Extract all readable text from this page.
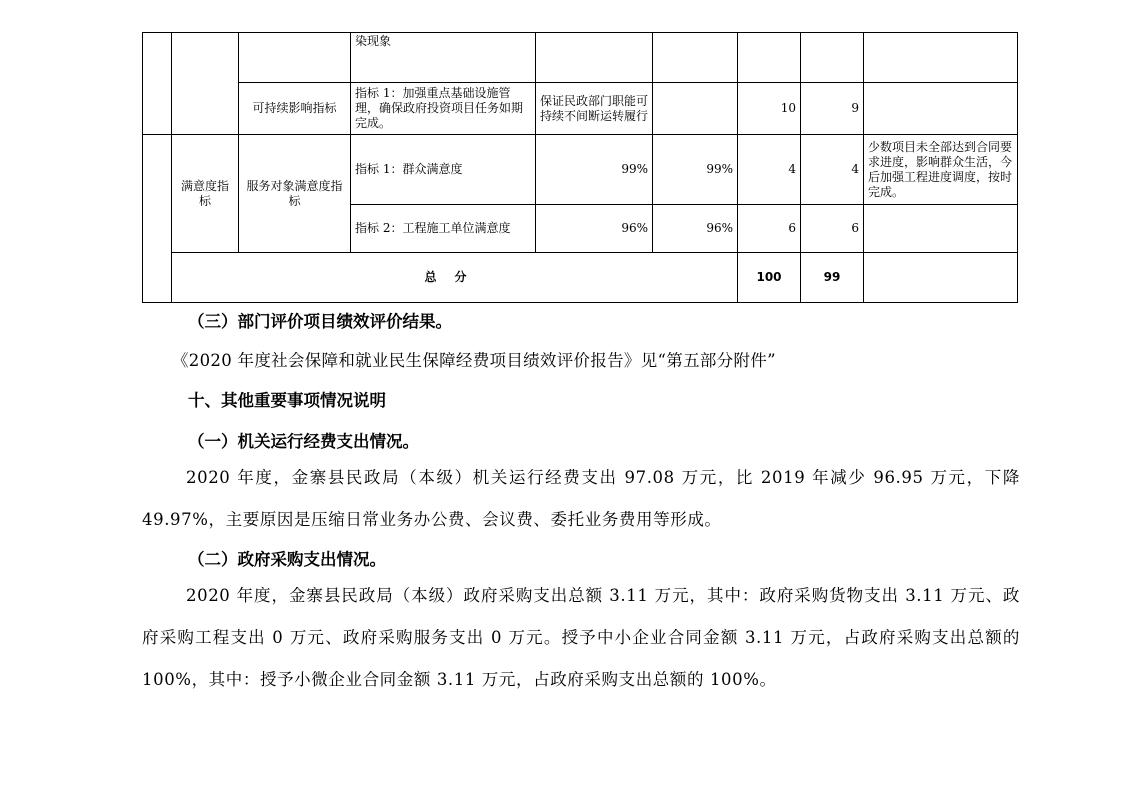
			染现象					
		可持续影响指标	指标 1：加强重点基础设施管理，确保政府投资项目任务如期完成。	保证民政部门职能可持续不间断运转履行		10	9	
	满意度指标	服务对象满意度指标	指标 1：群众满意度	99%	99%	4	4	少数项目未全部达到合同要求进度，影响群众生活，今后加强工程进度调度，按时完成。
			指标 2：工程施工单位满意度	96%	96%	6	6	
	总分					100	99	
（三）部门评价项目绩效评价结果。
《2020 年度社会保障和就业民生保障经费项目绩效评价报告》见“第五部分附件”
十、其他重要事项情况说明
（一）机关运行经费支出情况。
2020 年度，金寨县民政局（本级）机关运行经费支出 97.08 万元，比 2019 年减少 96.95 万元，下降 49.97%，主要原因是压缩日常业务办公费、会议费、委托业务费用等形成。
（二）政府采购支出情况。
2020 年度，金寨县民政局（本级）政府采购支出总额 3.11 万元，其中：政府采购货物支出 3.11 万元、政府采购工程支出 0 万元、政府采购服务支出 0 万元。授予中小企业合同金额 3.11 万元，占政府采购支出总额的 100%，其中：授予小微企业合同金额 3.11 万元，占政府采购支出总额的 100%。
